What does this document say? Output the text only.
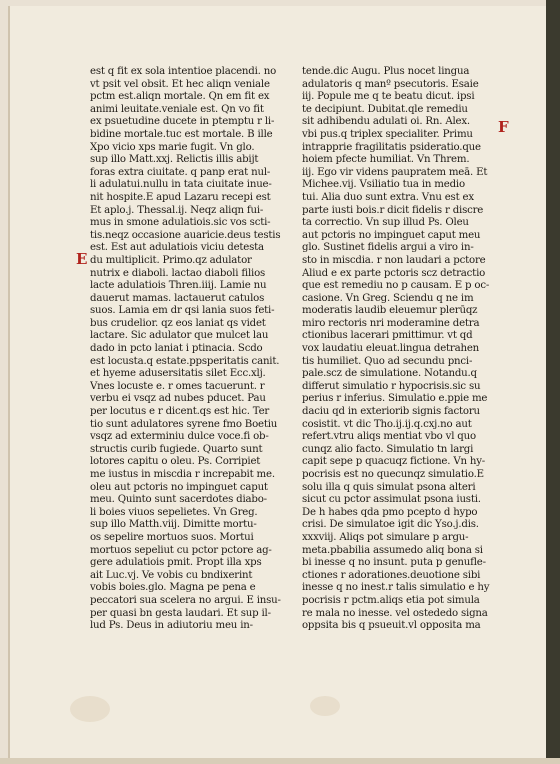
E
F
est q fit ex sola intentioe placendi. no
vt psit vel obsit. Et hec aliqn veniale
pctm est.aliqn mortale. Qn em fit ex
animi leuitate.veniale est. Qn vo fit
ex psuetudine ducete in ptemptu r li-
bidine mortale.tuc est mortale. B ille
Xpo vicio xps marie fugit. Vn glo.
sup illo Matt.xxj. Relictis illis abijt
foras extra ciuitate. q panp erat nul-
li adulatui.nullu in tata ciuitate inue-
nit hospite.E apud Lazaru recepi est
Et aplo.j. Thessal.ij. Neqz aliqn fui-
mus in smone adulatiois.sic vos scti-
tis.neqz occasione auaricie.deus testis
est. Est aut adulatiois viciu detesta
du multiplicit. Primo.qz adulator
nutrix e diaboli. lactao diaboli filios
lacte adulatiois Thren.iiij. Lamie nu
dauerut mamas. lactauerut catulos
suos. Lamia em dr qsi lania suos feti-
bus crudelior. qz eos laniat qs videt
lactare. Sic adulator que mulcet lau
dado in pcto laniat i ptinacia. Scdo
est locusta.q estate.ppsperitatis canit.
et hyeme adusersitatis silet Ecc.xlj.
Vnes locuste e. r omes tacuerunt. r
verbu ei vsqz ad nubes pducet. Pau
per locutus e r dicent.qs est hic. Ter
tio sunt adulatores syrene fmo Boetiu
vsqz ad exterminiu dulce voce.fi ob-
structis curib fugiede. Quarto sunt
lotores capitu o oleu. Ps. Corripiet
me iustus in miscdia r increpabit me.
oleu aut pctoris no impinguet caput
meu. Quinto sunt sacerdotes diabo-
li boies viuos sepelietes. Vn Greg.
sup illo Matth.viij. Dimitte mortu-
os sepelire mortuos suos. Mortui
mortuos sepeliut cu pctor pctore ag-
gere adulatiois pmit. Propt illa xps
ait Luc.vj. Ve vobis cu bndixerint
vobis boies.glo. Magna pe pena e
peccatori sua scelera no argui. E insu-
per quasi bn gesta laudari. Et sup il-
lud Ps. Deus in adiutoriu meu in-
tende.dic Augu. Plus nocet lingua
adulatoris q manº psecutoris. Esaie
iij. Popule me q te beatu dicut. ipsi
te decipiunt. Dubitat.qle remediu
sit adhibendu adulati oi. Rn. Alex.
vbi pus.q triplex specialiter. Primu
intrapprie fragilitatis psideratio.que
hoiem pfecte humiliat. Vn Threm.
iij. Ego vir videns paupratem meā. Et
Michee.vij. Vsiliatio tua in medio
tui. Alia duo sunt extra. Vnu est ex
parte iusti bois.r dicit fidelis r discre
ta correctio. Vn sup illud Ps. Oleu
aut pctoris no impinguet caput meu
glo. Sustinet fidelis argui a viro in-
sto in miscdia. r non laudari a pctore
Aliud e ex parte pctoris scz detractio
que est remediu no p causam. E p oc-
casione. Vn Greg. Sciendu q ne im
moderatis laudib eleuemur plerūqz
miro rectoris nri moderamine detra
ctionibus lacerari pmittimur. vt qd
vox laudatiu eleuat.lingua detrahen
tis humiliet. Quo ad secundu pnci-
pale.scz de simulatione. Notandu.q
differut simulatio r hypocrisis.sic su
perius r inferius. Simulatio e.ppie me
daciu qd in exteriorib signis factoru
cosistit. vt dic Tho.ij.ij.q.cxj.no aut
refert.vtru aliqs mentiat vbo vl quo
cunqz alio facto. Simulatio tn largi
capit sepe p quacuqz fictione. Vn hy-
pocrisis est no quecunqz simulatio.E
solu illa q quis simulat psona alteri
sicut cu pctor assimulat psona iusti.
De h habes qda pmo pcepto d hypo
crisi. De simulatoe igit dic Yso.j.dis.
xxxviij. Aliqs pot simulare p argu-
meta.pbabilia assumedo aliq bona si
bi inesse q no insunt. puta p genufle-
ctiones r adorationes.deuotione sibi
inesse q no inest.r talis simulatio e hy
pocrisis r pctm.aliqs etia pot simula
re mala no inesse. vel ostededo signa
oppsita bis q psueuit.vl opposita ma
